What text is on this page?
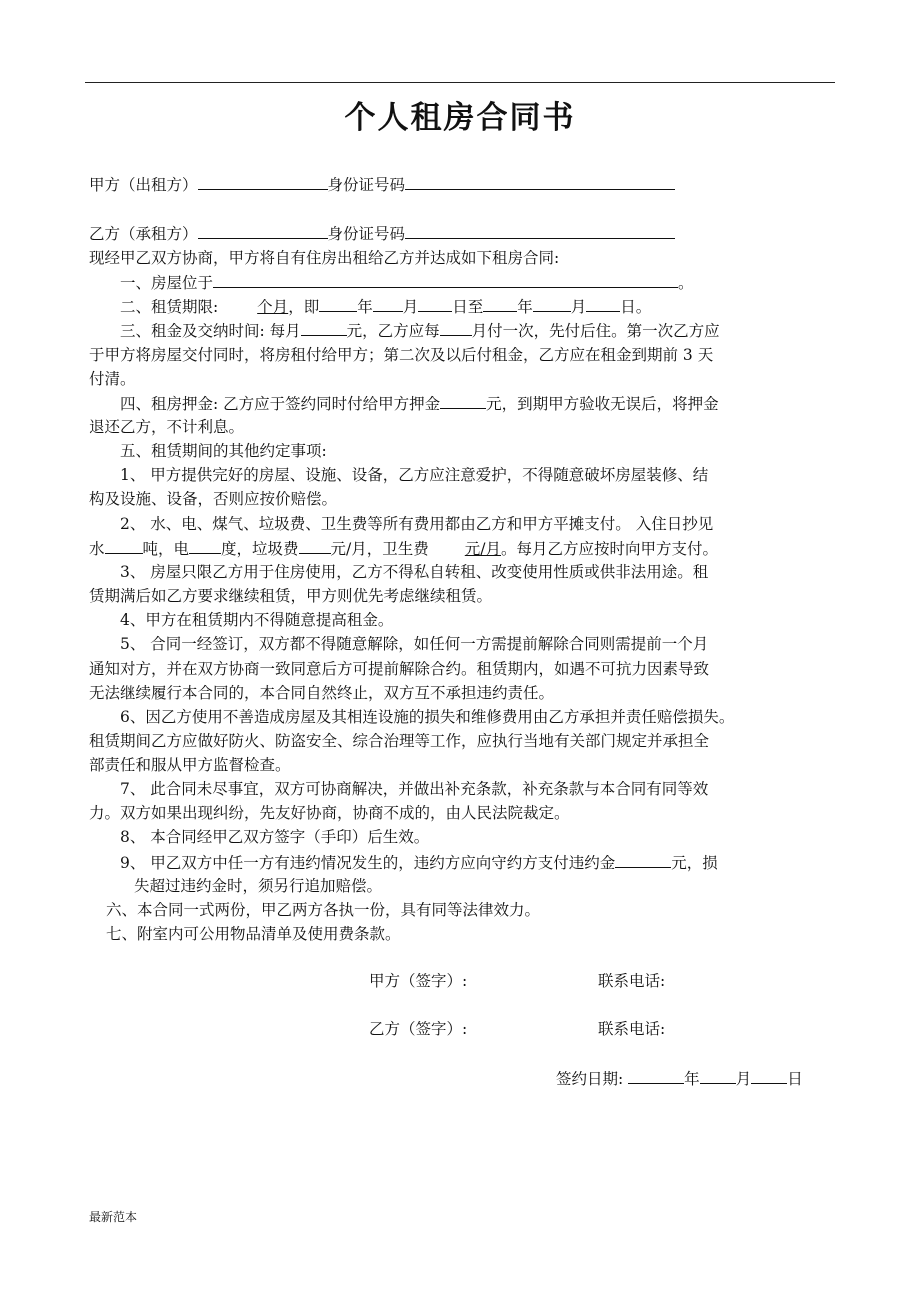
个人租房合同书
甲方（出租方）	身份证号码
乙方（承租方）	身份证号码
现经甲乙双方协商，甲方将自有住房出租给乙方并达成如下租房合同:
一、房屋位于	。
二、租赁期限:	个月，即 年 月 日至 年 月 日。
三、租金及交纳时间: 每月	元，乙方应每 月付一次，先付后住。第一次乙方应
于甲方将房屋交付同时，将房租付给甲方；第二次及以后付租金，乙方应在租金到期前 3 天
付清。
四、租房押金: 乙方应于签约同时付给甲方押金	元，到期甲方验收无误后，将押金
退还乙方，不计利息。
五、租赁期间的其他约定事项:
1、 甲方提供完好的房屋、设施、设备，乙方应注意爱护，不得随意破坏房屋装修、结
构及设施、设备，否则应按价赔偿。
2、 水、电、煤气、垃圾费、卫生费等所有费用都由乙方和甲方平摊支付。 入住日抄见
水 吨，电 度，垃圾费 元/月，卫生费 元/月。每月乙方应按时向甲方支付。
3、 房屋只限乙方用于住房使用，乙方不得私自转租、改变使用性质或供非法用途。租
赁期满后如乙方要求继续租赁，甲方则优先考虑继续租赁。
4、甲方在租赁期内不得随意提高租金。
5、 合同一经签订，双方都不得随意解除，如任何一方需提前解除合同则需提前一个月
通知对方，并在双方协商一致同意后方可提前解除合约。租赁期内，如遇不可抗力因素导致
无法继续履行本合同的，本合同自然终止，双方互不承担违约责任。
6、因乙方使用不善造成房屋及其相连设施的损失和维修费用由乙方承担并责任赔偿损失。
租赁期间乙方应做好防火、防盗安全、综合治理等工作，应执行当地有关部门规定并承担全
部责任和服从甲方监督检查。
7、 此合同未尽事宜，双方可协商解决，并做出补充条款，补充条款与本合同有同等效
力。双方如果出现纠纷，先友好协商，协商不成的，由人民法院裁定。
8、 本合同经甲乙双方签字（手印）后生效。
9、 甲乙双方中任一方有违约情况发生的，违约方应向守约方支付违约金	元，损
失超过违约金时，须另行追加赔偿。
六、本合同一式两份，甲乙两方各执一份，具有同等法律效力。
七、附室内可公用物品清单及使用费条款。
甲方（签字）:	联系电话:
乙方（签字）:	联系电话:
签约日期:	年 月 日
最新范本
